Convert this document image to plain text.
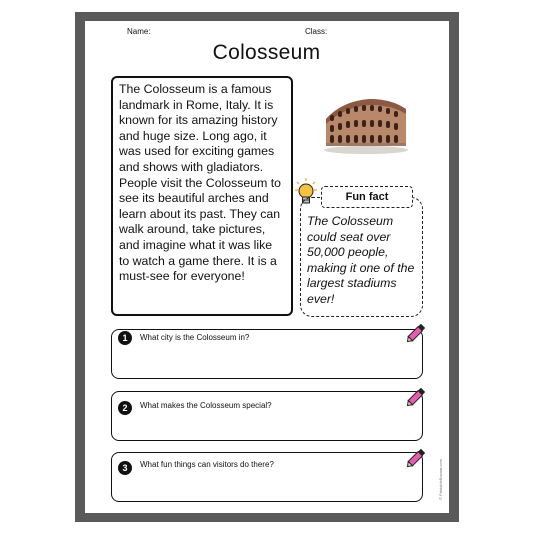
Name:	Class:
Colosseum
The Colosseum is a famous landmark in Rome, Italy. It is known for its amazing history and huge size. Long ago, it was used for exciting games and shows with gladiators. People visit the Colosseum to see its beautiful arches and learn about its past. They can walk around, take pictures, and imagine what it was like to watch a game there. It is a must-see for everyone!
Fun fact
The Colosseum could seat over 50,000 people, making it one of the largest stadiums ever!
1	What city is the Colosseum in?
2	What makes the Colosseum special?
3	What fun things can visitors do there?	© PrintableBazaar.com
